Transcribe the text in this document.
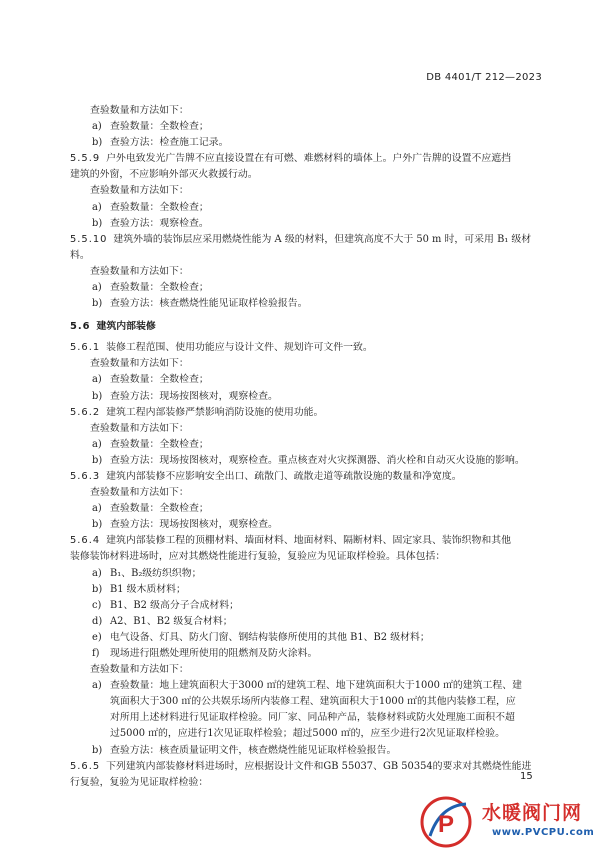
DB 4401/T 212—2023
查验数量和方法如下：
a) 查验数量：全数检查；
b) 查验方法：检查施工记录。
5.5.9 户外电致发光广告牌不应直接设置在有可燃、难燃材料的墙体上。户外广告牌的设置不应遮挡
建筑的外窗，不应影响外部灭火救援行动。
查验数量和方法如下：
a) 查验数量：全数检查；
b) 查验方法：观察检查。
5.5.10 建筑外墙的装饰层应采用燃烧性能为 A 级的材料，但建筑高度不大于 50 m 时，可采用 B₁ 级材
料。
查验数量和方法如下：
a) 查验数量：全数检查；
b) 查验方法：核查燃烧性能见证取样检验报告。
5.6 建筑内部装修
5.6.1 装修工程范围、使用功能应与设计文件、规划许可文件一致。
查验数量和方法如下：
a) 查验数量：全数检查；
b) 查验方法：现场按图核对，观察检查。
5.6.2 建筑工程内部装修严禁影响消防设施的使用功能。
查验数量和方法如下：
a) 查验数量：全数检查；
b) 查验方法：现场按图核对，观察检查。重点核查对火灾探测器、消火栓和自动灭火设施的影响。
5.6.3 建筑内部装修不应影响安全出口、疏散门、疏散走道等疏散设施的数量和净宽度。
查验数量和方法如下：
a) 查验数量：全数检查；
b) 查验方法：现场按图核对，观察检查。
5.6.4 建筑内部装修工程的顶棚材料、墙面材料、地面材料、隔断材料、固定家具、装饰织物和其他
装修装饰材料进场时，应对其燃烧性能进行复验，复验应为见证取样检验。具体包括：
a) B₁、B₂级纺织织物；
b) B1 级木质材料；
c) B1、B2 级高分子合成材料；
d) A2、B1、B2 级复合材料；
e) 电气设备、灯具、防火门窗、钢结构装修所使用的其他 B1、B2 级材料；
f) 现场进行阻燃处理所使用的阻燃剂及防火涂料。
查验数量和方法如下：
a) 查验数量：地上建筑面积大于3000 ㎡的建筑工程、地下建筑面积大于1000 ㎡的建筑工程、建
筑面积大于300 ㎡的公共娱乐场所内装修工程、建筑面积大于1000 ㎡的其他内装修工程，应
对所用上述材料进行见证取样检验。同厂家、同品种产品，装修材料或防火处理施工面积不超
过5000 ㎡的，应进行1次见证取样检验；超过5000 ㎡的，应至少进行2次见证取样检验。
b) 查验方法：核查质量证明文件，核查燃烧性能见证取样检验报告。
5.6.5 下列建筑内部装修材料进场时，应根据设计文件和GB 55037、GB 50354的要求对其燃烧性能进
行复验，复验为见证取样检验：
15
P 水暖阀门网
www.PVCPU.com
